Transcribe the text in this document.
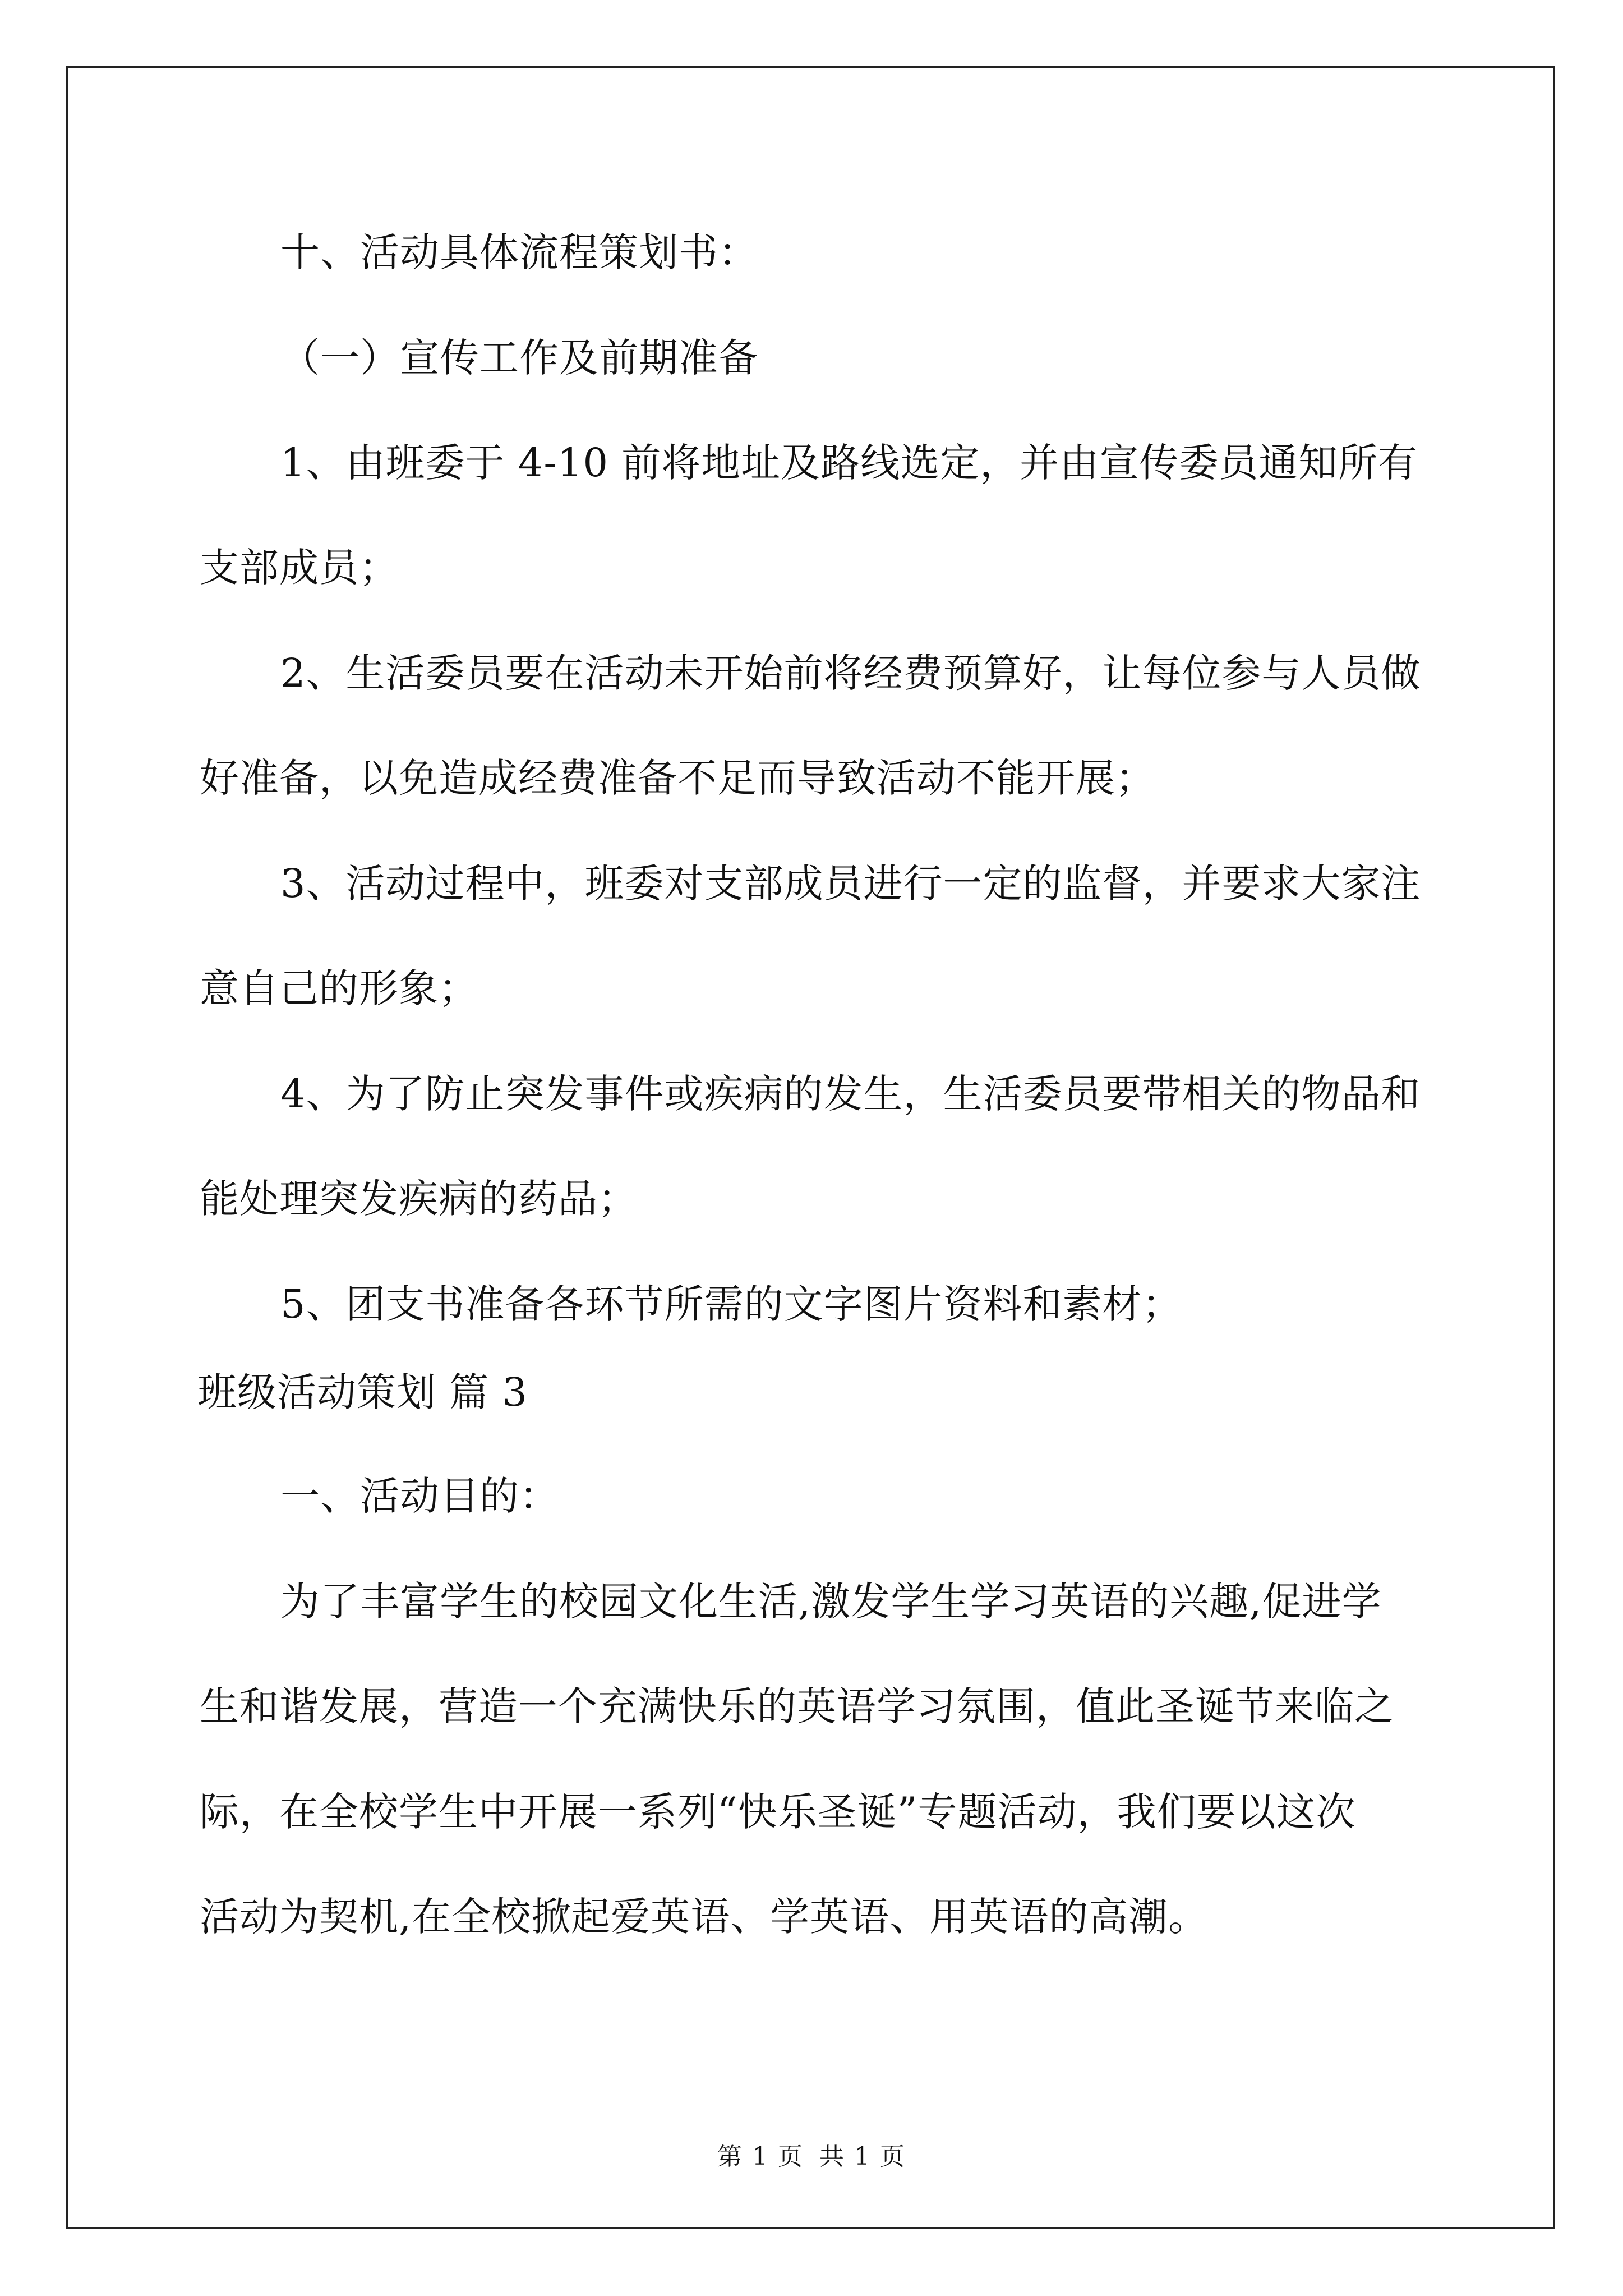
十、活动具体流程策划书：
（一）宣传工作及前期准备
1、由班委于 4-10 前将地址及路线选定，并由宣传委员通知所有
支部成员；
2、生活委员要在活动未开始前将经费预算好，让每位参与人员做
好准备，以免造成经费准备不足而导致活动不能开展；
3、活动过程中，班委对支部成员进行一定的监督，并要求大家注
意自己的形象；
4、为了防止突发事件或疾病的发生，生活委员要带相关的物品和
能处理突发疾病的药品；
5、团支书准备各环节所需的文字图片资料和素材；
班级活动策划 篇 3
一、活动目的：
为了丰富学生的校园文化生活,激发学生学习英语的兴趣,促进学
生和谐发展，营造一个充满快乐的英语学习氛围，值此圣诞节来临之
际，在全校学生中开展一系列“快乐圣诞”专题活动，我们要以这次
活动为契机,在全校掀起爱英语、学英语、用英语的高潮。
第 1 页 共 1 页
